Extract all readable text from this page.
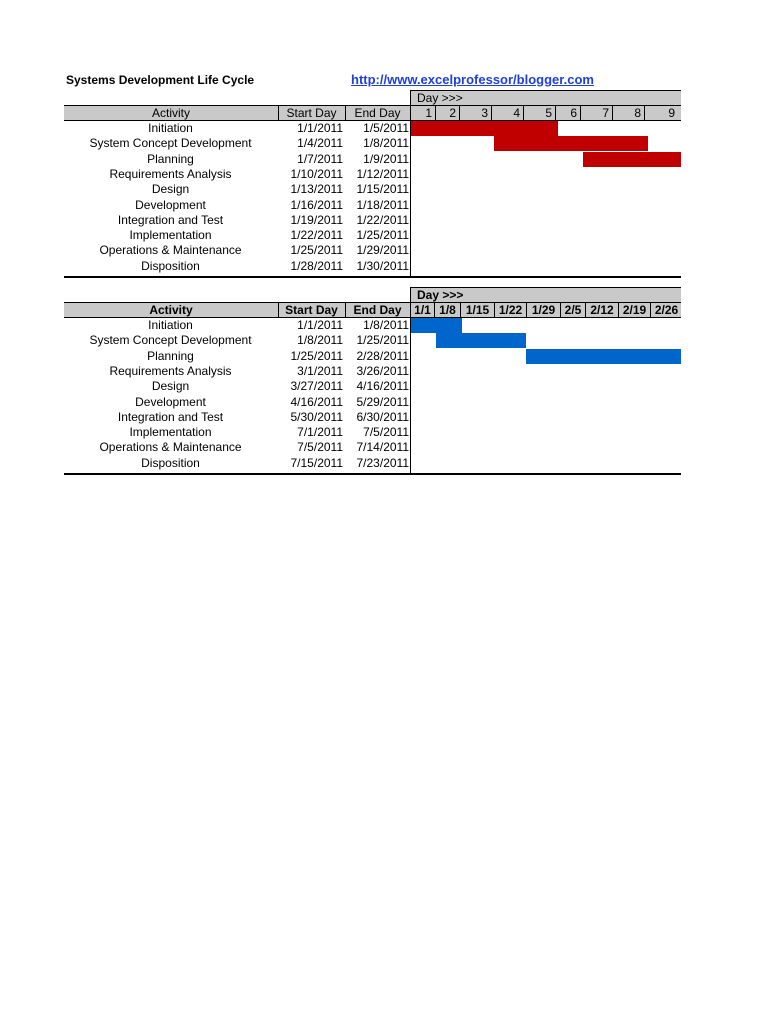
Systems Development Life Cycle	http://www.excelprofessor/blogger.com
Day >>>
Activity	Start Day	End Day	1	2	3	4	5	6	7	8	9
Initiation	1/1/2011	1/5/2011
System Concept Development	1/4/2011	1/8/2011
Planning	1/7/2011	1/9/2011
Requirements Analysis	1/10/2011	1/12/2011
Design	1/13/2011	1/15/2011
Development	1/16/2011	1/18/2011
Integration and Test	1/19/2011	1/22/2011
Implementation	1/22/2011	1/25/2011
Operations & Maintenance	1/25/2011	1/29/2011
Disposition	1/28/2011	1/30/2011
Day >>>
Activity	Start Day	End Day	1/1 1/8 1/15 1/22 1/29 2/5 2/12 2/19 2/26
Initiation	1/1/2011	1/8/2011
System Concept Development	1/8/2011	1/25/2011
Planning	1/25/2011	2/28/2011
Requirements Analysis	3/1/2011	3/26/2011
Design	3/27/2011	4/16/2011
Development	4/16/2011	5/29/2011
Integration and Test	5/30/2011	6/30/2011
Implementation	7/1/2011	7/5/2011
Operations & Maintenance	7/5/2011	7/14/2011
Disposition	7/15/2011	7/23/2011
